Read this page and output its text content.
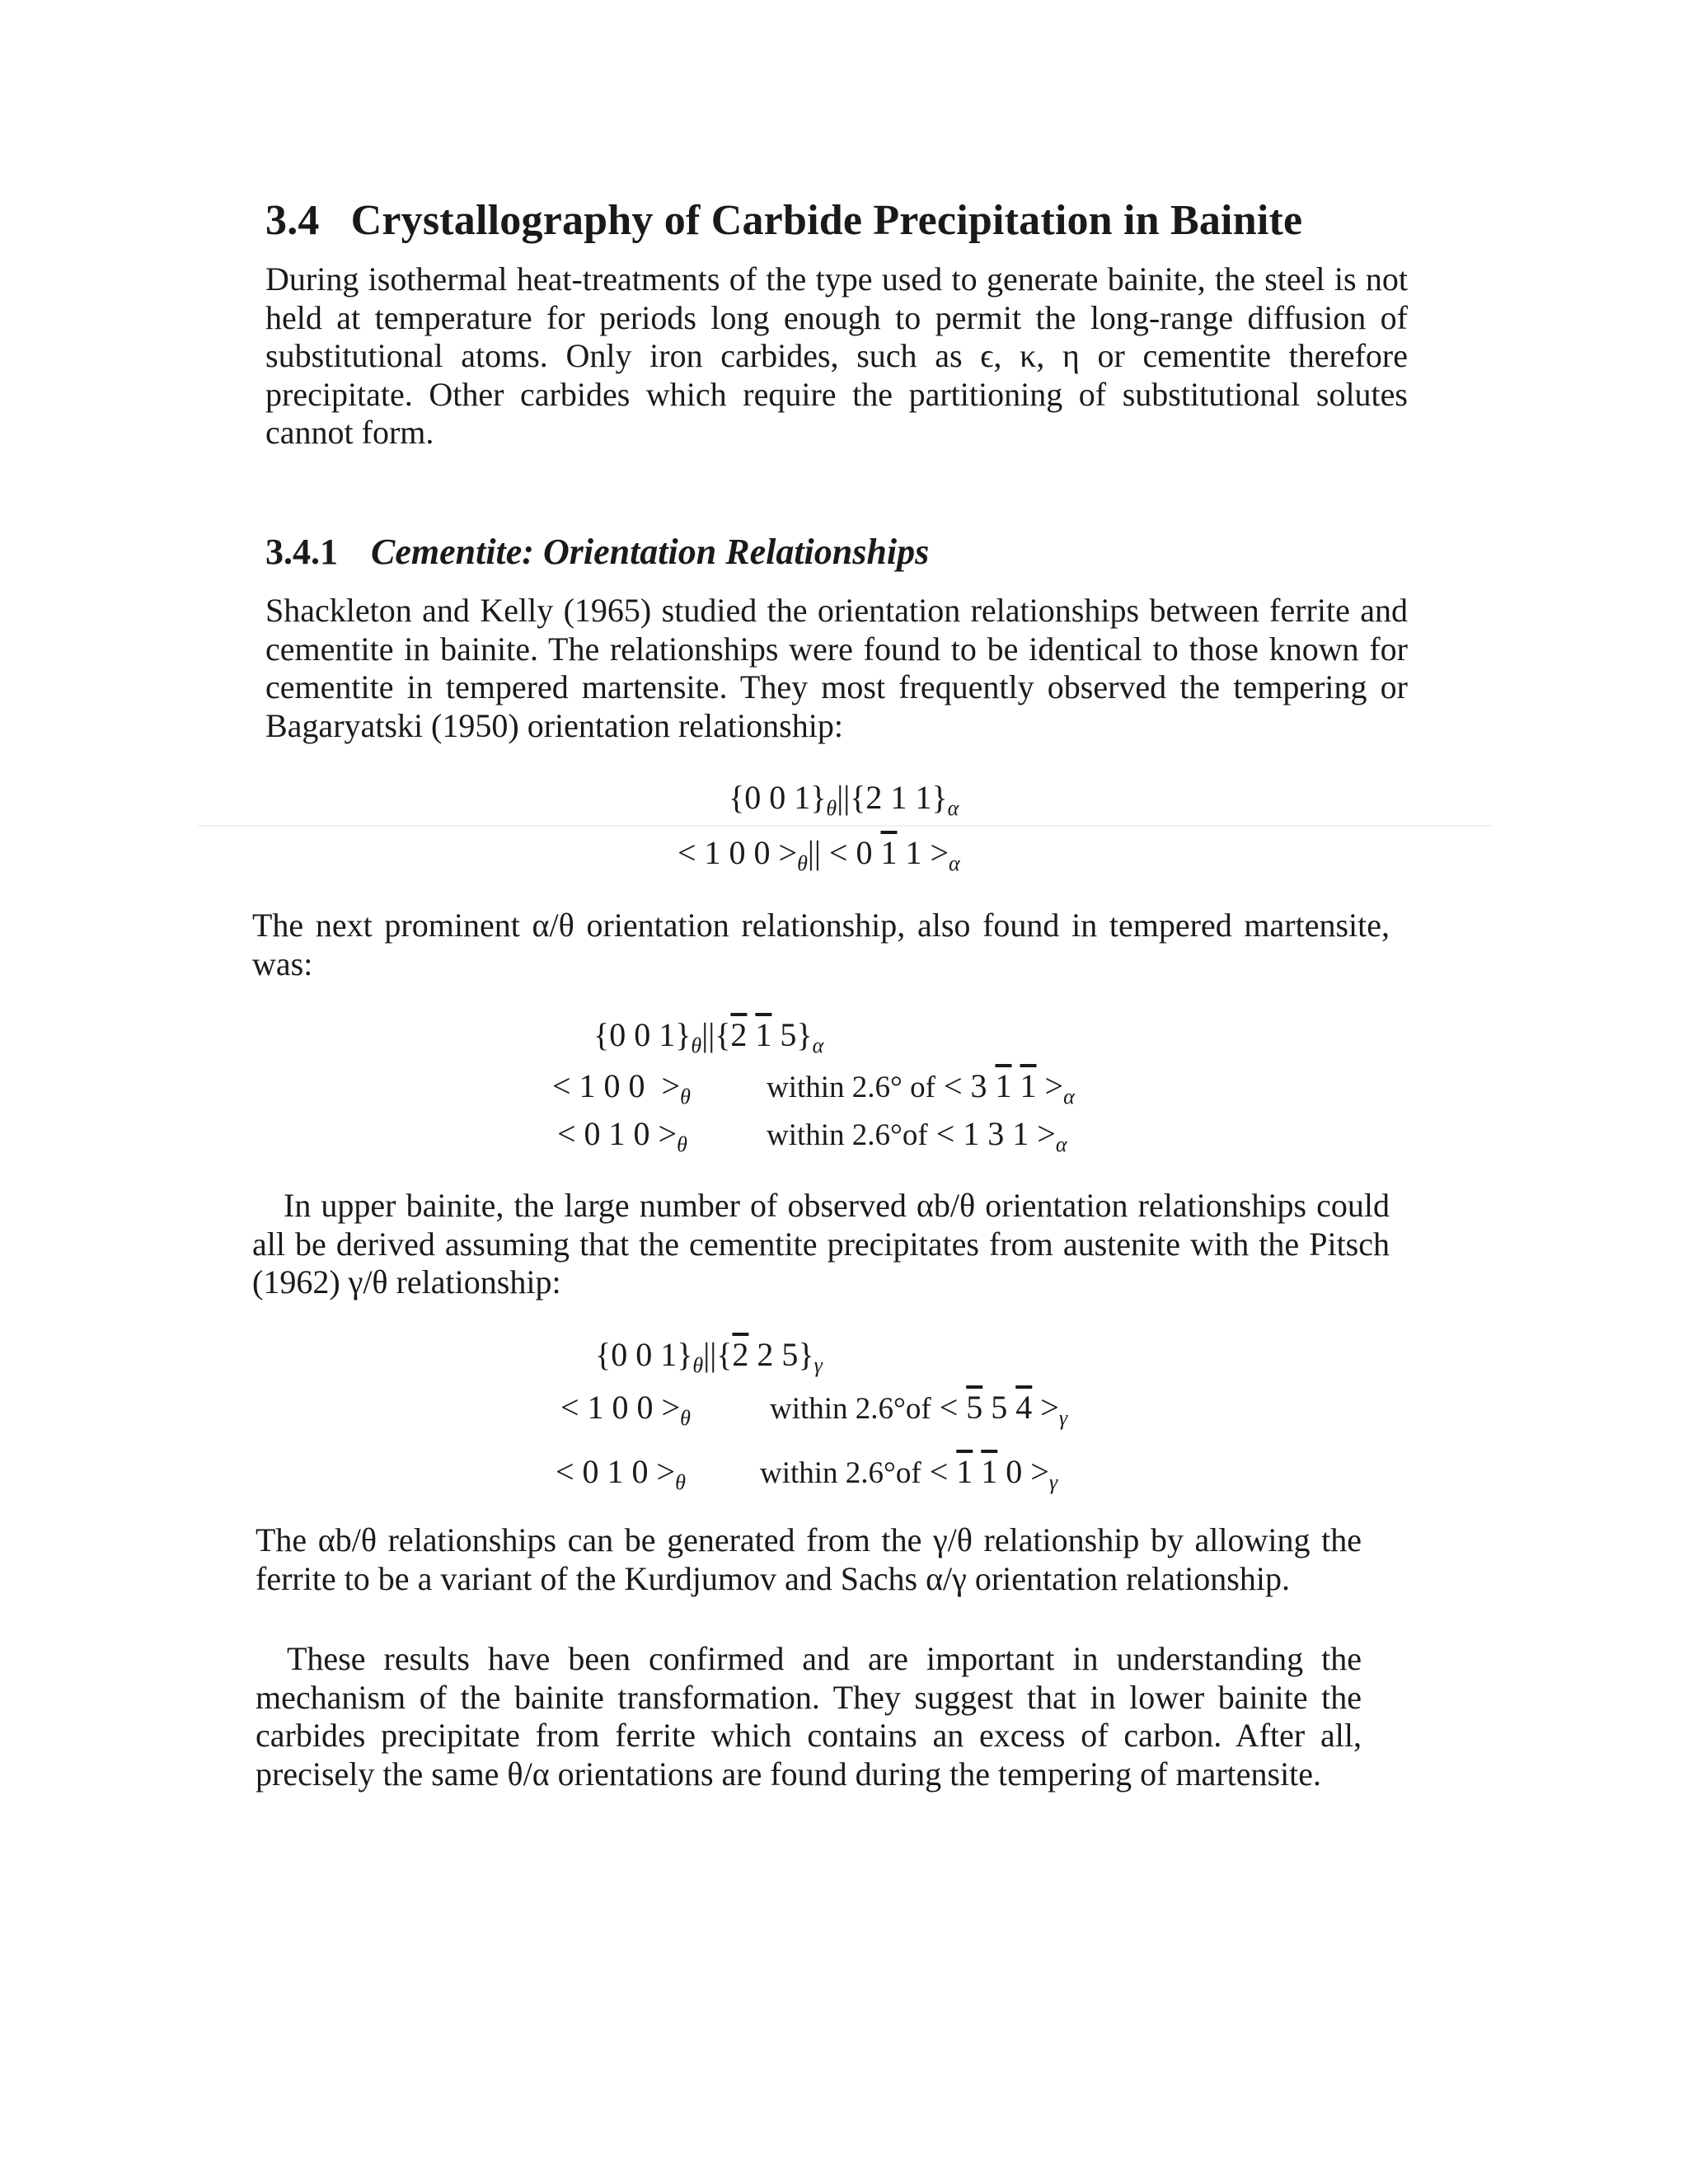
3.4 Crystallography of Carbide Precipitation in Bainite
During isothermal heat-treatments of the type used to generate bainite, the steel is not held at temperature for periods long enough to permit the long-range diffusion of substitutional atoms. Only iron carbides, such as ϵ, κ, η or cementite therefore precipitate. Other carbides which require the partitioning of substitutional solutes cannot form.
3.4.1 Cementite: Orientation Relationships
Shackleton and Kelly (1965) studied the orientation relationships between ferrite and cementite in bainite. The relationships were found to be identical to those known for cementite in tempered martensite. They most frequently observed the tempering or Bagaryatski (1950) orientation relationship:
{0 0 $1\}_\theta||\{2$ 1 $1\}_\alpha$
< 1 0 $0 >_\theta|| < 0$ 1 $1 >_\alpha$
The next prominent α/θ orientation relationship, also found in tempered martensite, was:
{0 0 $1\}_\theta||\{2$ 1 $5\}_\alpha$
< 1 0 $0 >_\theta$ within 2.6° of < 3 1 $1 >_\alpha$
< 0 1 $0 >_\theta$	within 2.6°of < 1 3 $1 >_\alpha$
In upper bainite, the large number of observed αb/θ orientation relationships could all be derived assuming that the cementite precipitates from austenite with the Pitsch (1962) γ/θ relationship:
{0 0 $1\}_\theta||\{2$ 2 $5\}_\gamma$
< 1 0 $0 >_\theta$	within 2.6°of < 5 5 $4 >_\gamma$
< 0 1 $0 >_\theta$ within 2.6°of < 1 1 $0 >_\gamma$
The αb/θ relationships can be generated from the γ/θ relationship by allowing the ferrite to be a variant of the Kurdjumov and Sachs α/γ orientation relationship.
These results have been confirmed and are important in understanding the mechanism of the bainite transformation. They suggest that in lower bainite the carbides precipitate from ferrite which contains an excess of carbon. After all, precisely the same θ/α orientations are found during the tempering of martensite.
